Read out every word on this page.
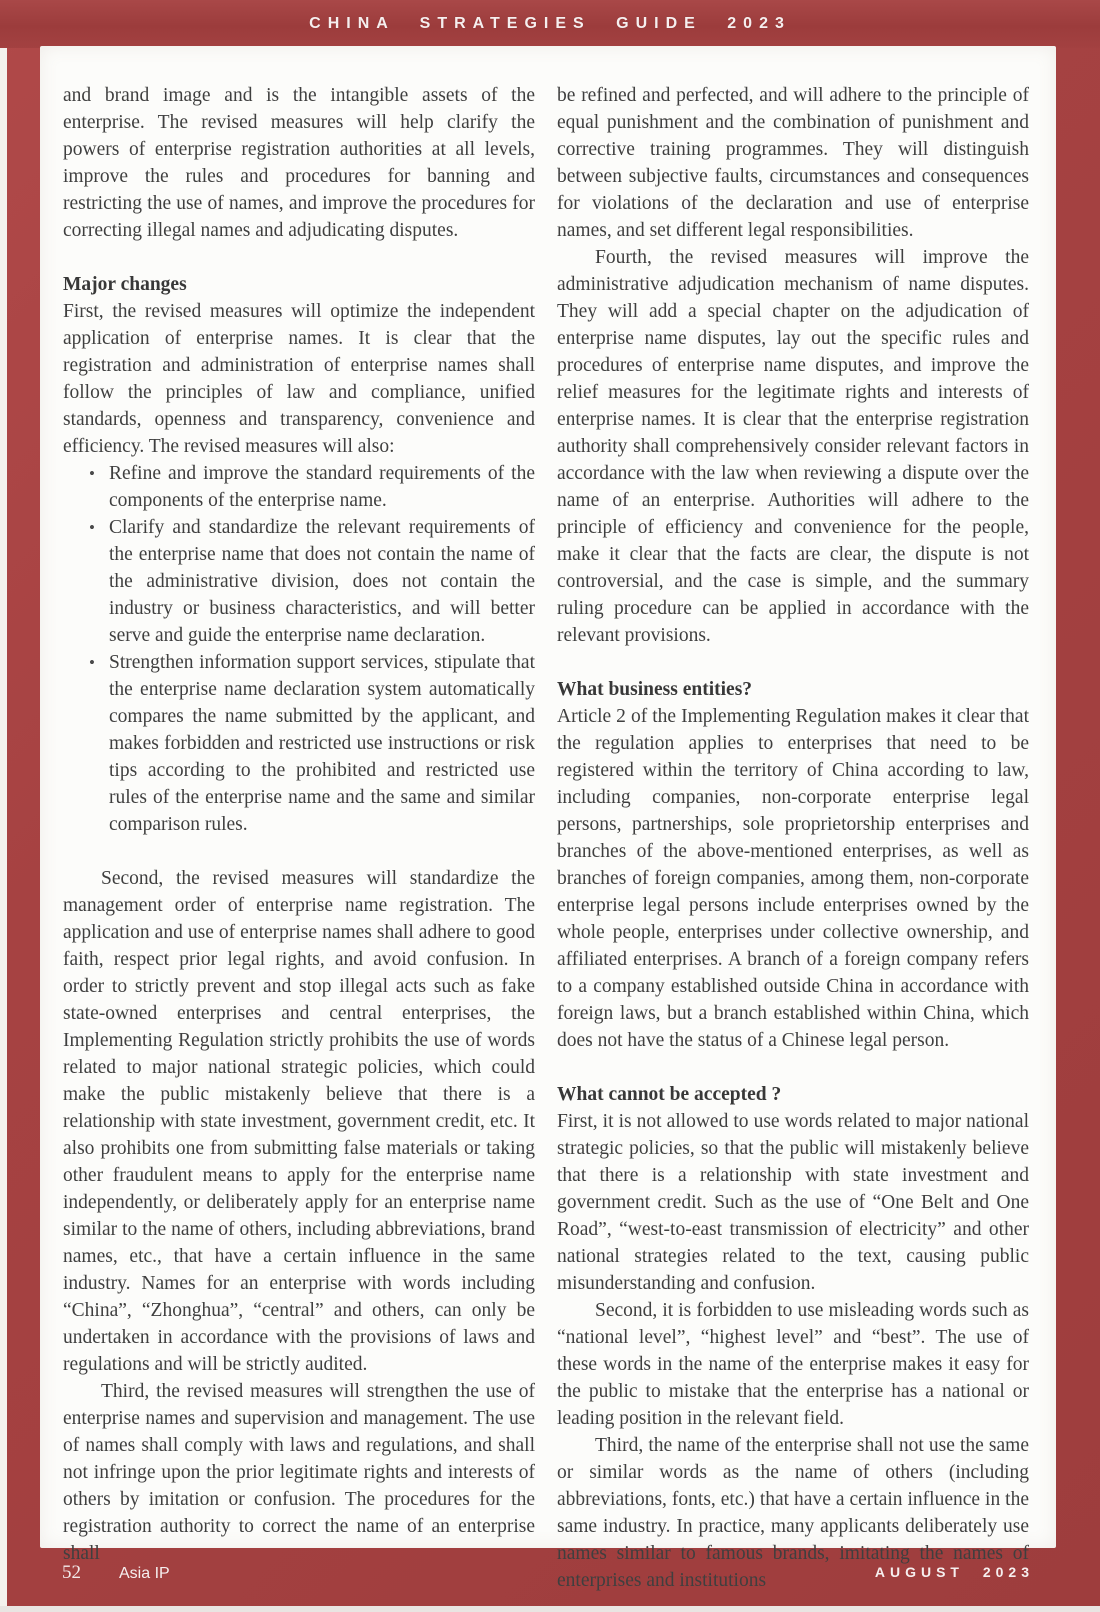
CHINA STRATEGIES GUIDE 2023

and brand image and is the intangible assets of the enterprise. The revised measures will help clarify the powers of enterprise registration authorities at all levels, improve the rules and procedures for banning and restricting the use of names, and improve the procedures for correcting illegal names and adjudicating disputes.

Major changes

First, the revised measures will optimize the independent application of enterprise names. It is clear that the registration and administration of enterprise names shall follow the principles of law and compliance, unified standards, openness and transparency, convenience and efficiency. The revised measures will also:

• Refine and improve the standard requirements of the components of the enterprise name.
• Clarify and standardize the relevant requirements of the enterprise name that does not contain the name of the administrative division, does not contain the industry or business characteristics, and will better serve and guide the enterprise name declaration.
• Strengthen information support services, stipulate that the enterprise name declaration system automatically compares the name submitted by the applicant, and makes forbidden and restricted use instructions or risk tips according to the prohibited and restricted use rules of the enterprise name and the same and similar comparison rules.

Second, the revised measures will standardize the management order of enterprise name registration. The application and use of enterprise names shall adhere to good faith, respect prior legal rights, and avoid confusion. In order to strictly prevent and stop illegal acts such as fake state-owned enterprises and central enterprises, the Implementing Regulation strictly prohibits the use of words related to major national strategic policies, which could make the public mistakenly believe that there is a relationship with state investment, government credit, etc. It also prohibits one from submitting false materials or taking other fraudulent means to apply for the enterprise name independently, or deliberately apply for an enterprise name similar to the name of others, including abbreviations, brand names, etc., that have a certain influence in the same industry. Names for an enterprise with words including “China”, “Zhonghua”, “central” and others, can only be undertaken in accordance with the provisions of laws and regulations and will be strictly audited.

Third, the revised measures will strengthen the use of enterprise names and supervision and management. The use of names shall comply with laws and regulations, and shall not infringe upon the prior legitimate rights and interests of others by imitation or confusion. The procedures for the registration authority to correct the name of an enterprise shall

be refined and perfected, and will adhere to the principle of equal punishment and the combination of punishment and corrective training programmes. They will distinguish between subjective faults, circumstances and consequences for violations of the declaration and use of enterprise names, and set different legal responsibilities.

Fourth, the revised measures will improve the administrative adjudication mechanism of name disputes. They will add a special chapter on the adjudication of enterprise name disputes, lay out the specific rules and procedures of enterprise name disputes, and improve the relief measures for the legitimate rights and interests of enterprise names. It is clear that the enterprise registration authority shall comprehensively consider relevant factors in accordance with the law when reviewing a dispute over the name of an enterprise. Authorities will adhere to the principle of efficiency and convenience for the people, make it clear that the facts are clear, the dispute is not controversial, and the case is simple, and the summary ruling procedure can be applied in accordance with the relevant provisions.

What business entities?

Article 2 of the Implementing Regulation makes it clear that the regulation applies to enterprises that need to be registered within the territory of China according to law, including companies, non-corporate enterprise legal persons, partnerships, sole proprietorship enterprises and branches of the above-mentioned enterprises, as well as branches of foreign companies, among them, non-corporate enterprise legal persons include enterprises owned by the whole people, enterprises under collective ownership, and affiliated enterprises. A branch of a foreign company refers to a company established outside China in accordance with foreign laws, but a branch established within China, which does not have the status of a Chinese legal person.

What cannot be accepted ?

First, it is not allowed to use words related to major national strategic policies, so that the public will mistakenly believe that there is a relationship with state investment and government credit. Such as the use of “One Belt and One Road”, “west-to-east transmission of electricity” and other national strategies related to the text, causing public misunderstanding and confusion.

Second, it is forbidden to use misleading words such as “national level”, “highest level” and “best”. The use of these words in the name of the enterprise makes it easy for the public to mistake that the enterprise has a national or leading position in the relevant field.

Third, the name of the enterprise shall not use the same or similar words as the name of others (including abbreviations, fonts, etc.) that have a certain influence in the same industry. In practice, many applicants deliberately use names similar to famous brands, imitating the names of enterprises and institutions

52 Asia IP	AUGUST 2023
